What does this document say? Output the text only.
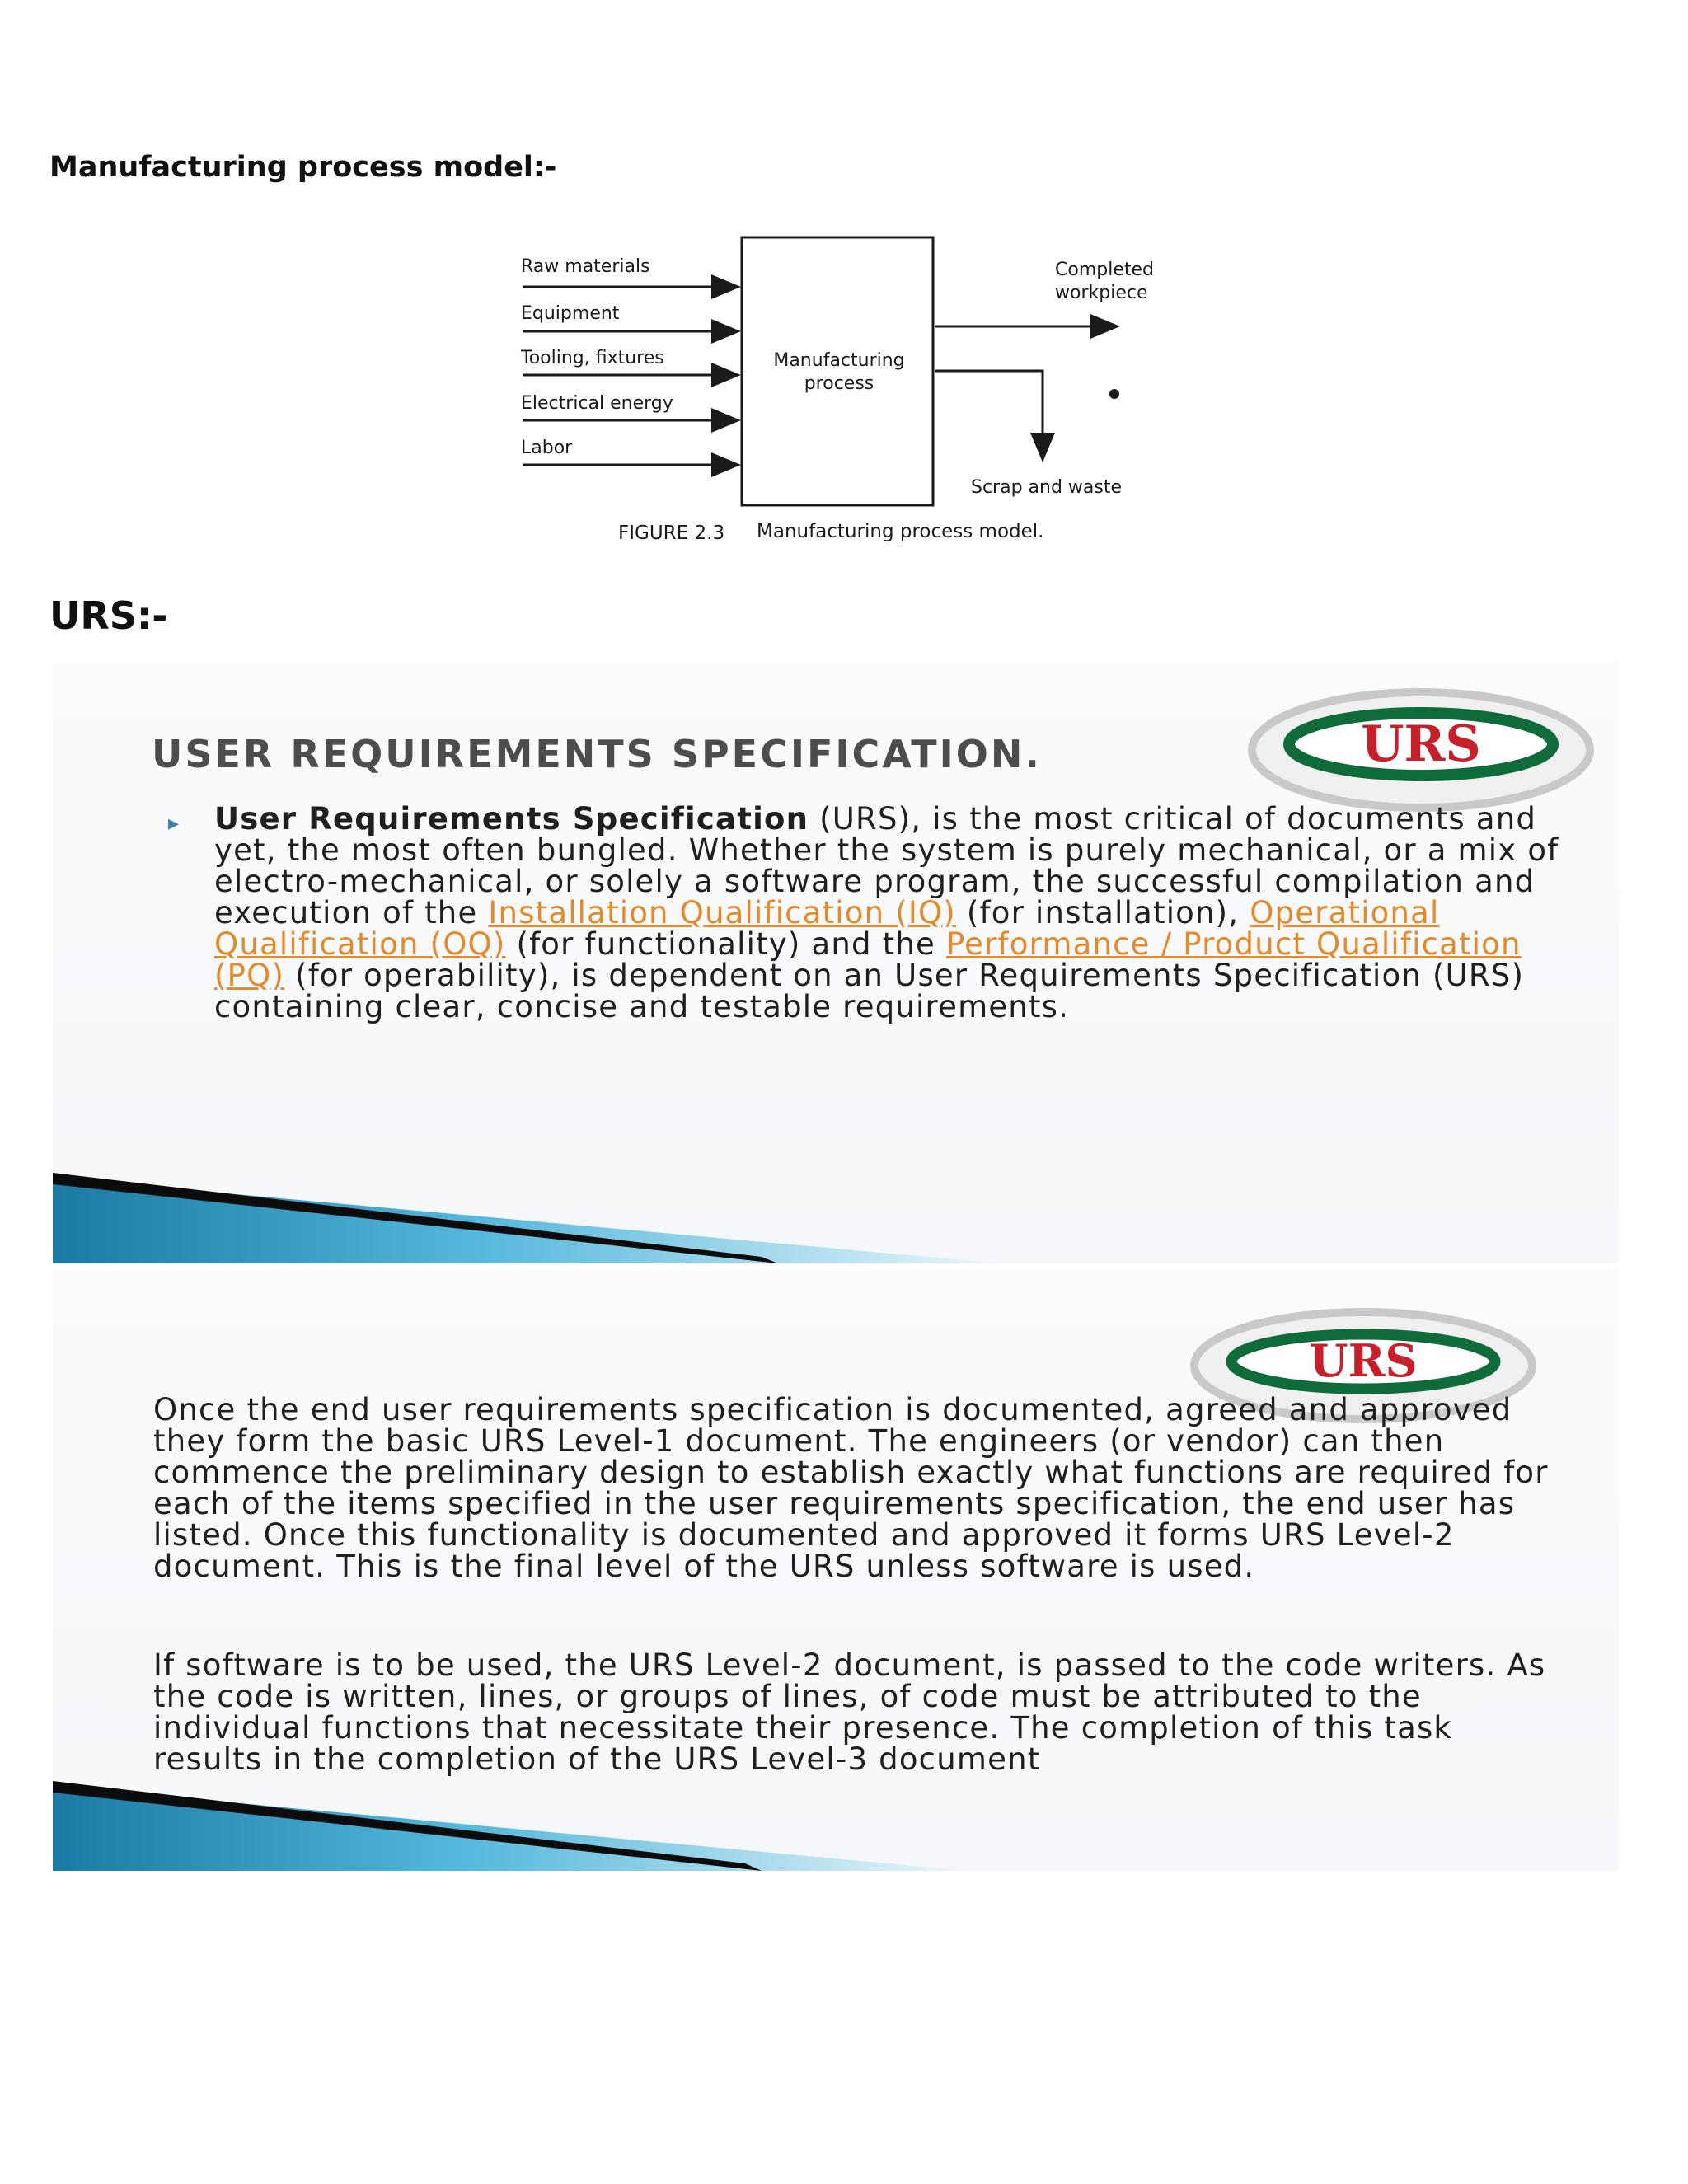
Manufacturing process model:-
Manufacturing
process
Raw materials
Equipment
Tooling, fixtures
Electrical energy
Labor
Completed
workpiece
Scrap and waste
FIGURE 2.3 Manufacturing process model.
URS:-
URS
USER REQUIREMENTS SPECIFICATION.
▸ User Requirements Specification (URS), is the most critical of documents and yet, the most often bungled. Whether the system is purely mechanical, or a mix of electro-mechanical, or solely a software program, the successful compilation and execution of the Installation Qualification (IQ) (for installation), Operational Qualification (OQ) (for functionality) and the Performance / Product Qualification (PQ) (for operability), is dependent on an User Requirements Specification (URS) containing clear, concise and testable requirements.
URS
Once the end user requirements specification is documented, agreed and approved they form the basic URS Level-1 document. The engineers (or vendor) can then commence the preliminary design to establish exactly what functions are required for each of the items specified in the user requirements specification, the end user has listed. Once this functionality is documented and approved it forms URS Level-2 document. This is the final level of the URS unless software is used.
If software is to be used, the URS Level-2 document, is passed to the code writers. As the code is written, lines, or groups of lines, of code must be attributed to the individual functions that necessitate their presence. The completion of this task results in the completion of the URS Level-3 document
